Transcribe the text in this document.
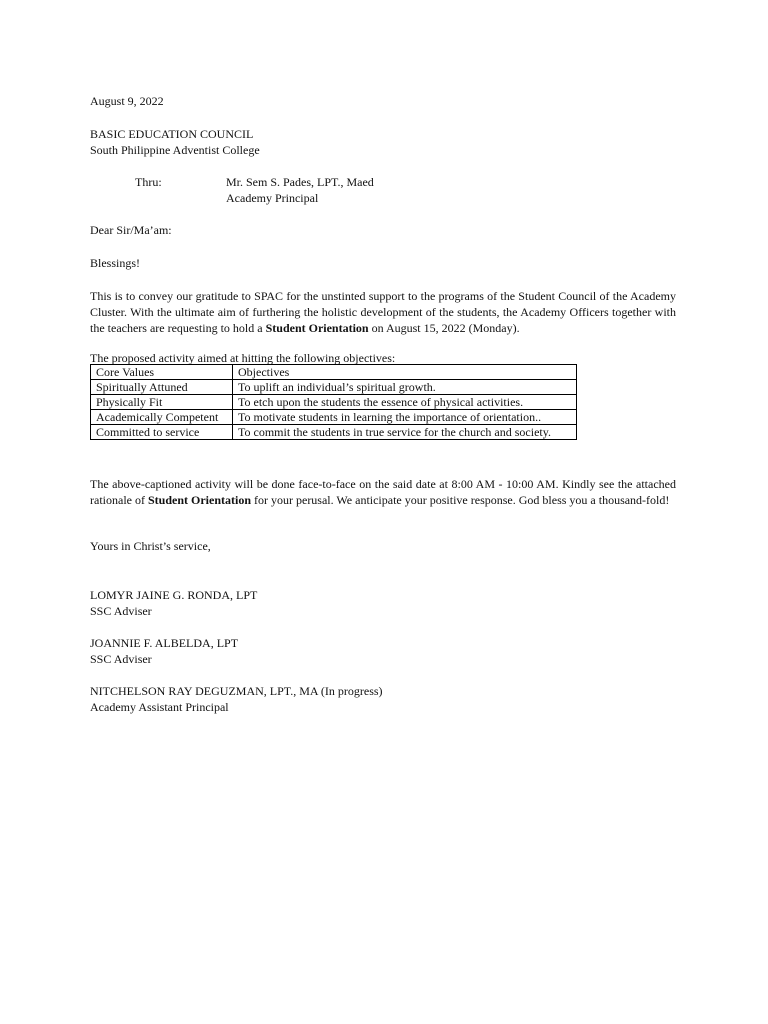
August 9, 2022
BASIC EDUCATION COUNCIL
South Philippine Adventist College
Thru:	Mr. Sem S. Pades, LPT., Maed
Academy Principal
Dear Sir/Ma’am:
Blessings!
This is to convey our gratitude to SPAC for the unstinted support to the programs of the Student Council of the Academy Cluster. With the ultimate aim of furthering the holistic development of the students, the Academy Officers together with the teachers are requesting to hold a Student Orientation on August 15, 2022 (Monday).
The proposed activity aimed at hitting the following objectives:
Core Values	Objectives
Spiritually Attuned	To uplift an individual’s spiritual growth.
Physically Fit	To etch upon the students the essence of physical activities.
Academically Competent	To motivate students in learning the importance of orientation..
Committed to service	To commit the students in true service for the church and society.
The above-captioned activity will be done face-to-face on the said date at 8:00 AM - 10:00 AM. Kindly see the attached rationale of Student Orientation for your perusal. We anticipate your positive response. God bless you a thousand-fold!
Yours in Christ’s service,
LOMYR JAINE G. RONDA, LPT
SSC Adviser
JOANNIE F. ALBELDA, LPT
SSC Adviser
NITCHELSON RAY DEGUZMAN, LPT., MA (In progress)
Academy Assistant Principal
